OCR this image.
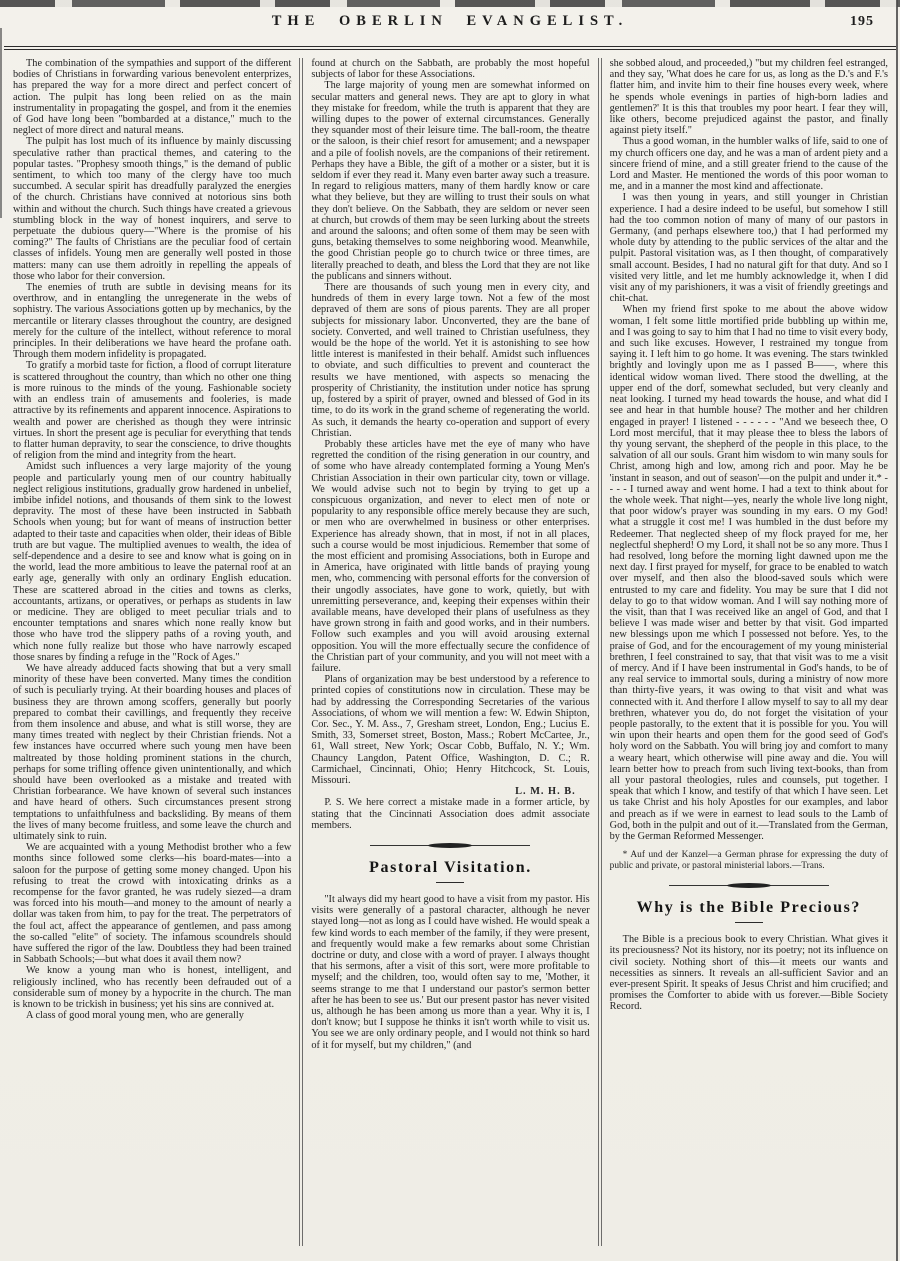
THE OBERLIN EVANGELIST.	195

The combination of the sympathies and support of the different bodies of Christians in forwarding various benevolent enterprizes, has prepared the way for a more direct and perfect concert of action. The pulpit has long been relied on as the main instrumentality in propagating the gospel, and from it the enemies of God have long been "bombarded at a distance," much to the neglect of more direct and natural means.

The pulpit has lost much of its influence by mainly discussing speculative rather than practical themes, and catering to the popular tastes. "Prophesy smooth things," is the demand of public sentiment, to which too many of the clergy have too much succumbed. A secular spirit has dreadfully paralyzed the energies of the church. Christians have connived at notorious sins both within and without the church. Such things have created a grievous stumbling block in the way of honest inquirers, and serve to perpetuate the dubious query—"Where is the promise of his coming?" The faults of Christians are the peculiar food of certain classes of infidels. Young men are generally well posted in those matters: many can use them adroitly in repelling the appeals of those who labor for their conversion.

The enemies of truth are subtle in devising means for its overthrow, and in entangling the unregenerate in the webs of sophistry. The various Associations gotten up by mechanics, by the mercantile or literary classes throughout the country, are designed merely for the culture of the intellect, without reference to moral principles. In their deliberations we have heard the profane oath. Through them modern infidelity is propagated.

To gratify a morbid taste for fiction, a flood of corrupt literature is scattered throughout the country, than which no other one thing is more ruinous to the minds of the young. Fashionable society with an endless train of amusements and fooleries, is made attractive by its refinements and apparent innocence. Aspirations to wealth and power are cherished as though they were intrinsic virtues. In short the present age is peculiar for everything that tends to flatter human depravity, to sear the conscience, to drive thoughts of religion from the mind and integrity from the heart.

Amidst such influences a very large majority of the young people and particularly young men of our country habitually neglect religious institutions, gradually grow hardened in unbelief, imbibe infidel notions, and thousands of them sink to the lowest depravity. The most of these have been instructed in Sabbath Schools when young; but for want of means of instruction better adapted to their taste and capacities when older, their ideas of Bible truth are but vague. The multiplied avenues to wealth, the idea of self-dependence and a desire to see and know what is going on in the world, lead the more ambitious to leave the paternal roof at an early age, generally with only an ordinary English education. These are scattered abroad in the cities and towns as clerks, accountants, artizans, or operatives, or perhaps as students in law or medicine. They are obliged to meet peculiar trials and to encounter temptations and snares which none really know but those who have trod the slippery paths of a roving youth, and which none fully realize but those who have narrowly escaped those snares by finding a refuge in the "Rock of Ages."

We have already adduced facts showing that but a very small minority of these have been converted. Many times the condition of such is peculiarly trying. At their boarding houses and places of business they are thrown among scoffers, generally but poorly prepared to combat their cavillings, and frequently they receive from them insolence and abuse, and what is still worse, they are many times treated with neglect by their Christian friends. Not a few instances have occurred where such young men have been maltreated by those holding prominent stations in the church, perhaps for some trifling offence given unintentionally, and which should have been overlooked as a mistake and treated with Christian forbearance. We have known of several such instances and have heard of others. Such circumstances present strong temptations to unfaithfulness and backsliding. By means of them the lives of many become fruitless, and some leave the church and ultimately sink to ruin.

We are acquainted with a young Methodist brother who a few months since followed some clerks—his board-mates—into a saloon for the purpose of getting some money changed. Upon his refusing to treat the crowd with intoxicating drinks as a recompense for the favor granted, he was rudely siezed—a dram was forced into his mouth—and money to the amount of nearly a dollar was taken from him, to pay for the treat. The perpetrators of the foul act, affect the appearance of gentlemen, and pass among the so-called "elite" of society. The infamous scoundrels should have suffered the rigor of the law. Doubtless they had been trained in Sabbath Schools;—but what does it avail them now?

We know a young man who is honest, intelligent, and religiously inclined, who has recently been defrauded out of a considerable sum of money by a hypocrite in the church. The man is known to be trickish in business; yet his sins are connived at.

A class of good moral young men, who are generally

found at church on the Sabbath, are probably the most hopeful subjects of labor for these Associations.

The large majority of young men are somewhat informed on secular matters and general news. They are apt to glory in what they mistake for freedom, while the truth is apparent that they are willing dupes to the power of external circumstances. Generally they squander most of their leisure time. The ball-room, the theatre or the saloon, is their chief resort for amusement; and a newspaper and a pile of foolish novels, are the companions of their retirement. Perhaps they have a Bible, the gift of a mother or a sister, but it is seldom if ever they read it. Many even barter away such a treasure. In regard to religious matters, many of them hardly know or care what they believe, but they are willing to trust their souls on what they don't believe. On the Sabbath, they are seldom or never seen at church, but crowds of them may be seen lurking about the streets and around the saloons; and often some of them may be seen with guns, betaking themselves to some neighboring wood. Meanwhile, the good Christian people go to church twice or three times, are literally preached to death, and bless the Lord that they are not like the publicans and sinners without.

There are thousands of such young men in every city, and hundreds of them in every large town. Not a few of the most depraved of them are sons of pious parents. They are all proper subjects for missionary labor. Unconverted, they are the bane of society. Converted, and well trained to Christian usefulness, they would be the hope of the world. Yet it is astonishing to see how little interest is manifested in their behalf. Amidst such influences to obviate, and such difficulties to prevent and counteract the results we have mentioned, with aspects so menacing the prosperity of Christianity, the institution under notice has sprung up, fostered by a spirit of prayer, owned and blessed of God in its time, to do its work in the grand scheme of regenerating the world. As such, it demands the hearty co-operation and support of every Christian.

Probably these articles have met the eye of many who have regretted the condition of the rising generation in our country, and of some who have already contemplated forming a Young Men's Christian Association in their own particular city, town or village. We would advise such not to begin by trying to get up a conspicuous organization, and never to elect men of note or popularity to any responsible office merely because they are such, or men who are overwhelmed in business or other enterprises. Experience has already shown, that in most, if not in all places, such a course would be most injudicious. Remember that some of the most efficient and promising Associations, both in Europe and in America, have originated with little bands of praying young men, who, commencing with personal efforts for the conversion of their ungodly associates, have gone to work, quietly, but with unremitting perseverance, and, keeping their expenses within their available means, have developed their plans of usefulness as they have grown strong in faith and good works, and in their numbers. Follow such examples and you will avoid arousing external opposition. You will the more effectually secure the confidence of the Christian part of your community, and you will not meet with a failure.

Plans of organization may be best understood by a reference to printed copies of constitutions now in circulation. These may be had by addressing the Corresponding Secretaries of the various Associations, of whom we will mention a few: W. Edwin Shipton, Cor. Sec., Y. M. Ass., 7, Gresham street, London, Eng.; Lucius E. Smith, 33, Somerset street, Boston, Mass.; Robert McCartee, Jr., 61, Wall street, New York; Oscar Cobb, Buffalo, N. Y.; Wm. Chauncy Langdon, Patent Office, Washington, D. C.; R. Carmichael, Cincinnati, Ohio; Henry Hitchcock, St. Louis, Missouri.

L. M. H. B.

P. S. We here correct a mistake made in a former article, by stating that the Cincinnati Association does admit associate members.

Pastoral Visitation.

"It always did my heart good to have a visit from my pastor. His visits were generally of a pastoral character, although he never stayed long—not as long as I could have wished. He would speak a few kind words to each member of the family, if they were present, and frequently would make a few remarks about some Christian doctrine or duty, and close with a word of prayer. I always thought that his sermons, after a visit of this sort, were more profitable to myself; and the children, too, would often say to me, 'Mother, it seems strange to me that I understand our pastor's sermon better after he has been to see us.' But our present pastor has never visited us, although he has been among us more than a year. Why it is, I don't know; but I suppose he thinks it isn't worth while to visit us. You see we are only ordinary people, and I would not think so hard of it for myself, but my children," (and

she sobbed aloud, and proceeded,) "but my children feel estranged, and they say, 'What does he care for us, as long as the D.'s and F.'s flatter him, and invite him to their fine houses every week, where he spends whole evenings in parties of high-born ladies and gentlemen?' It is this that troubles my poor heart. I fear they will, like others, become prejudiced against the pastor, and finally against piety itself."

Thus a good woman, in the humbler walks of life, said to one of my church officers one day, and he was a man of ardent piety and a sincere friend of mine, and a still greater friend to the cause of the Lord and Master. He mentioned the words of this poor woman to me, and in a manner the most kind and affectionate.

I was then young in years, and still younger in Christian experience. I had a desire indeed to be useful, but somehow I still had the too common notion of many of many of our pastors in Germany, (and perhaps elsewhere too,) that I had performed my whole duty by attending to the public services of the altar and the pulpit. Pastoral visitation was, as I then thought, of comparatively small account. Besides, I had no natural gift for that duty. And so I visited very little, and let me humbly acknowledge it, when I did visit any of my parishioners, it was a visit of friendly greetings and chit-chat.

When my friend first spoke to me about the above widow woman, I felt some little mortified pride bubbling up within me, and I was going to say to him that I had no time to visit every body, and such like excuses. However, I restrained my tongue from saying it. I left him to go home. It was evening. The stars twinkled brightly and lovingly upon me as I passed B——, where this identical widow woman lived. There stood the dwelling, at the upper end of the dorf, somewhat secluded, but very cleanly and neat looking. I turned my head towards the house, and what did I see and hear in that humble house? The mother and her children engaged in prayer! I listened - - - - - - "And we beseech thee, O Lord most merciful, that it may please thee to bless the labors of thy young servant, the shepherd of the people in this place, to the salvation of all our souls. Grant him wisdom to win many souls for Christ, among high and low, among rich and poor. May he be 'instant in season, and out of season'—on the pulpit and under it.* - - - - I turned away and went home. I had a text to think about for the whole week. That night—yes, nearly the whole live long night, that poor widow's prayer was sounding in my ears. O my God! what a struggle it cost me! I was humbled in the dust before my Redeemer. That neglected sheep of my flock prayed for me, her neglectful shepherd! O my Lord, it shall not be so any more. Thus I had resolved, long before the morning light dawned upon me the next day. I first prayed for myself, for grace to be enabled to watch over myself, and then also the blood-saved souls which were entrusted to my care and fidelity. You may be sure that I did not delay to go to that widow woman. And I will say nothing more of the visit, than that I was received like an angel of God, and that I believe I was made wiser and better by that visit. God imparted new blessings upon me which I possessed not before. Yes, to the praise of God, and for the encouragement of my young ministerial brethren, I feel constrained to say, that that visit was to me a visit of mercy. And if I have been instrumental in God's hands, to be of any real service to immortal souls, during a ministry of now more than thirty-five years, it was owing to that visit and what was connected with it. And therfore I allow myself to say to all my dear brethren, whatever you do, do not forget the visitation of your people pastorally, to the extent that it is possible for you. You will win upon their hearts and open them for the good seed of God's holy word on the Sabbath. You will bring joy and comfort to many a weary heart, which otherwise will pine away and die. You will learn better how to preach from such living text-books, than from all your pastoral theologies, rules and counsels, put together. I speak that which I know, and testify of that which I have seen. Let us take Christ and his holy Apostles for our examples, and labor and preach as if we were in earnest to lead souls to the Lamb of God, both in the pulpit and out of it.—Translated from the German, by the German Reformed Messenger.

* Auf und der Kanzel—a German phrase for expressing the duty of public and private, or pastoral ministerial labors.—Trans.

Why is the Bible Precious?

The Bible is a precious book to every Christian. What gives it its preciousness? Not its history, nor its poetry; not its influence on civil society. Nothing short of this—it meets our wants and necessities as sinners. It reveals an all-sufficient Savior and an ever-present Spirit. It speaks of Jesus Christ and him crucified; and promises the Comforter to abide with us forever.—Bible Society Record.
